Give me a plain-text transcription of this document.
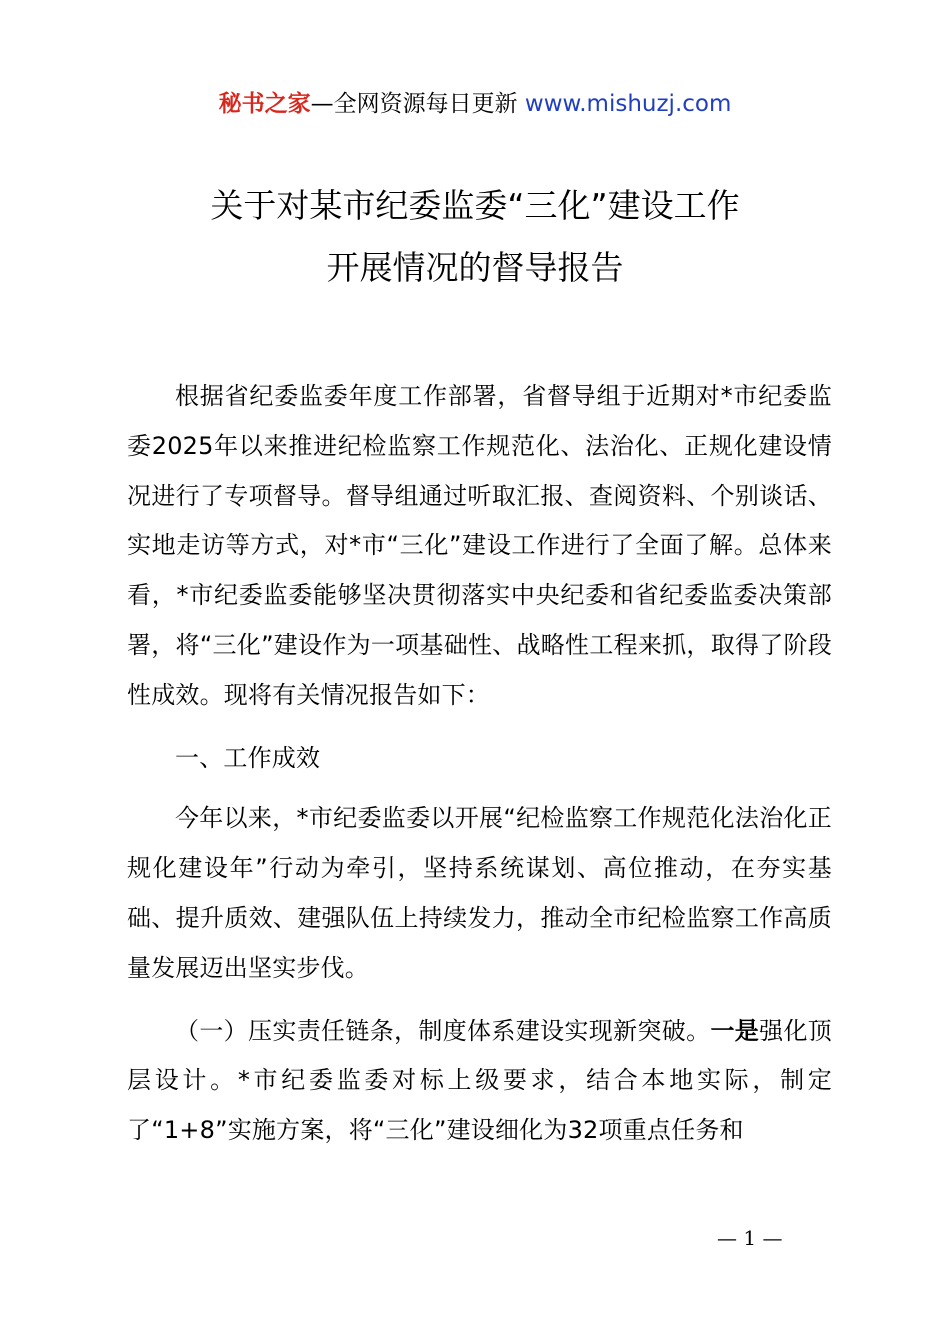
秘书之家—全网资源每日更新 www.mishuzj.com
关于对某市纪委监委“三化”建设工作
开展情况的督导报告

根据省纪委监委年度工作部署，省督导组于近期对*市纪委监委2025年以来推进纪检监察工作规范化、法治化、正规化建设情况进行了专项督导。督导组通过听取汇报、查阅资料、个别谈话、实地走访等方式，对*市“三化”建设工作进行了全面了解。总体来看，*市纪委监委能够坚决贯彻落实中央纪委和省纪委监委决策部署，将“三化”建设作为一项基础性、战略性工程来抓，取得了阶段性成效。现将有关情况报告如下：

一、工作成效

今年以来，*市纪委监委以开展“纪检监察工作规范化法治化正规化建设年”行动为牵引，坚持系统谋划、高位推动，在夯实基础、提升质效、建强队伍上持续发力，推动全市纪检监察工作高质量发展迈出坚实步伐。

（一）压实责任链条，制度体系建设实现新突破。一是强化顶层设计。*市纪委监委对标上级要求，结合本地实际，制定了“1+8”实施方案，将“三化”建设细化为32项重点任务和

— 1 —
